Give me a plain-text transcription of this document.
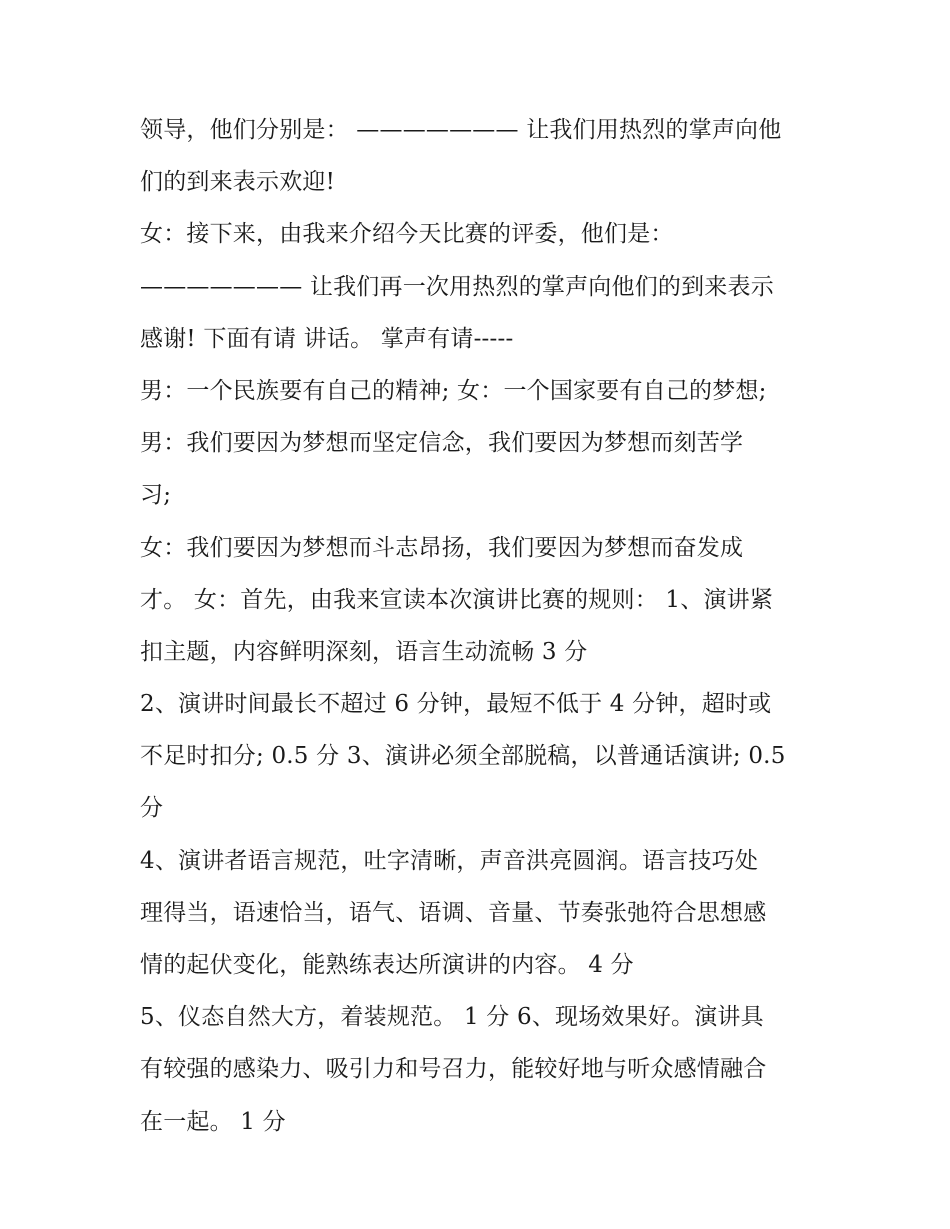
领导，他们分别是： ——————— 让我们用热烈的掌声向他
们的到来表示欢迎!
女：接下来，由我来介绍今天比赛的评委，他们是：
——————— 让我们再一次用热烈的掌声向他们的到来表示
感谢! 下面有请 讲话。 掌声有请-----
男：一个民族要有自己的精神; 女：一个国家要有自己的梦想;
男：我们要因为梦想而坚定信念，我们要因为梦想而刻苦学
习;
女：我们要因为梦想而斗志昂扬，我们要因为梦想而奋发成
才。 女：首先，由我来宣读本次演讲比赛的规则： 1、演讲紧
扣主题，内容鲜明深刻，语言生动流畅 3 分
2、演讲时间最长不超过 6 分钟，最短不低于 4 分钟，超时或
不足时扣分; 0.5 分 3、演讲必须全部脱稿，以普通话演讲; 0.5
分
4、演讲者语言规范，吐字清晰，声音洪亮圆润。语言技巧处
理得当，语速恰当，语气、语调、音量、节奏张弛符合思想感
情的起伏变化，能熟练表达所演讲的内容。 4 分
5、仪态自然大方，着装规范。 1 分 6、现场效果好。演讲具
有较强的感染力、吸引力和号召力，能较好地与听众感情融合
在一起。 1 分
